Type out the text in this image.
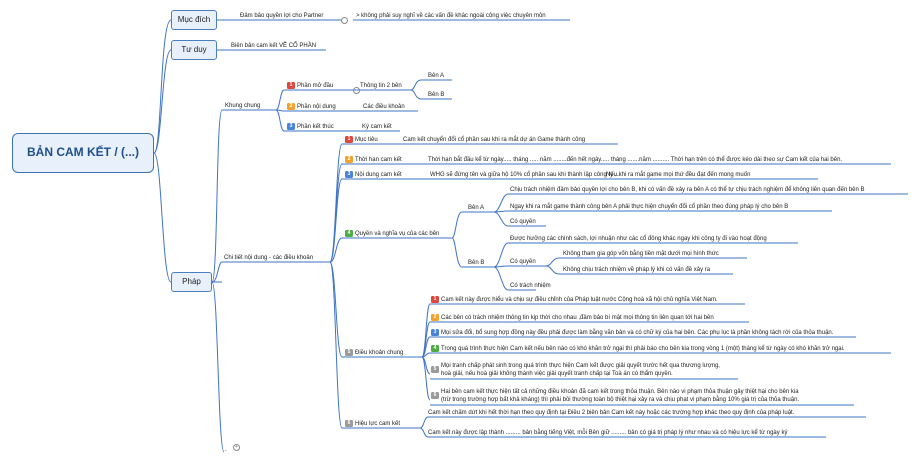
BẢN CAM KẾT / (...)
Mục đích
Tư duy
Pháp
Đảm bảo quyền lợi cho Partner	> không phải suy nghĩ về các vấn đề khác ngoài công việc chuyên môn
Biên bản cam kết VỀ CỔ PHẦN
Khung chung
1 Phần mở đầu	Thông tin 2 bên
Bên A
Bên B
2 Phần nội dung	Các điều khoản
3 Phần kết thúc	Ký cam kết
Chi tiết nội dung - các điều khoản
1 Mục tiêu	Cam kết chuyển đổi cổ phần sau khi ra mắt dự án Game thành công
2 Thời hạn cam kết	Thời hạn bắt đầu kể từ ngày..... tháng ..... năm ........đến hết ngày..... tháng .......năm .......... Thời hạn trên có thể được kéo dài theo sự Cam kết của hai bên.
3 Nội dung cam kết	WHG sẽ đứng tên và giữa hộ 10% cổ phần sau khi thành lập công ty ...
Nếu khi ra mắt game mọi thứ đều đạt đến mong muốn
4 Quyền và nghĩa vụ của các bên
Bên A
Chịu trách nhiệm đảm bảo quyền lợi cho bên B, khi có vấn đề xảy ra bên A có thể tự chịu trách nghiệm để không liên quan đến bên B
Ngay khi ra mắt game thành công bên A phải thực hiện chuyển đổi cổ phần theo đúng pháp lý cho bên B
Có quyền
Bên B
Được hưởng các chính sách, lợi nhuận như các cổ đông khác ngay khi công ty đi vào hoạt động
Có quyền
Không tham gia góp vốn bằng tiền mặt dưới mọi hình thức
Không chịu trách nhiệm về pháp lý khi có vấn đề xảy ra
Có trách nhiệm
5 Điều khoản chung
1 Cam kết này được hiểu và chịu sự điều chỉnh của Pháp luật nước Cộng hoà xã hội chủ nghĩa Việt Nam.
2 Các bên có trách nhiệm thông tin kịp thời cho nhau ,đảm bảo bí mật mọi thông tin liên quan tới hai bên
3 Mọi sửa đổi, bổ sung hợp đồng này đều phải được làm bằng văn bản và có chữ ký của hai bên. Các phụ lục là phần không tách rời của thỏa thuận.
4 Trong quá trình thực hiện Cam kết nếu bên nào có khó khăn trở ngại thì phải báo cho bên kia trong vòng 1 (một) tháng kể từ ngày có khó khăn trở ngại.
5 Mọi tranh chấp phát sinh trong quá trình thực hiện Cam kết được giải quyết trước hết qua thương lượng,
hoà giải, nếu hoà giải không thành việc giải quyết tranh chấp tại Toà án có thẩm quyền.
6 Hai bên cam kết thực hiện tất cả những điều khoản đã cam kết trong thỏa thuận. Bên nào vi phạm thỏa thuận gây thiệt hại cho bên kia
(trừ trong trường hợp bất khả kháng) thì phải bồi thường toàn bộ thiệt hại xảy ra và chịu phạt vi phạm bằng 10% giá trị của thỏa thuận.
6 Hiệu lực cam kết
Cam kết chấm dứt khi hết thời hạn theo quy định tại Điều 2 biên bản Cam kết này hoặc các trường hợp khác theo quy định của pháp luật.
Cam kết này được lập thành ......... bản bằng tiếng Việt, mỗi Bên giữ ......... bản có giá trị pháp lý như nhau và có hiệu lực kể từ ngày ký
.	+
